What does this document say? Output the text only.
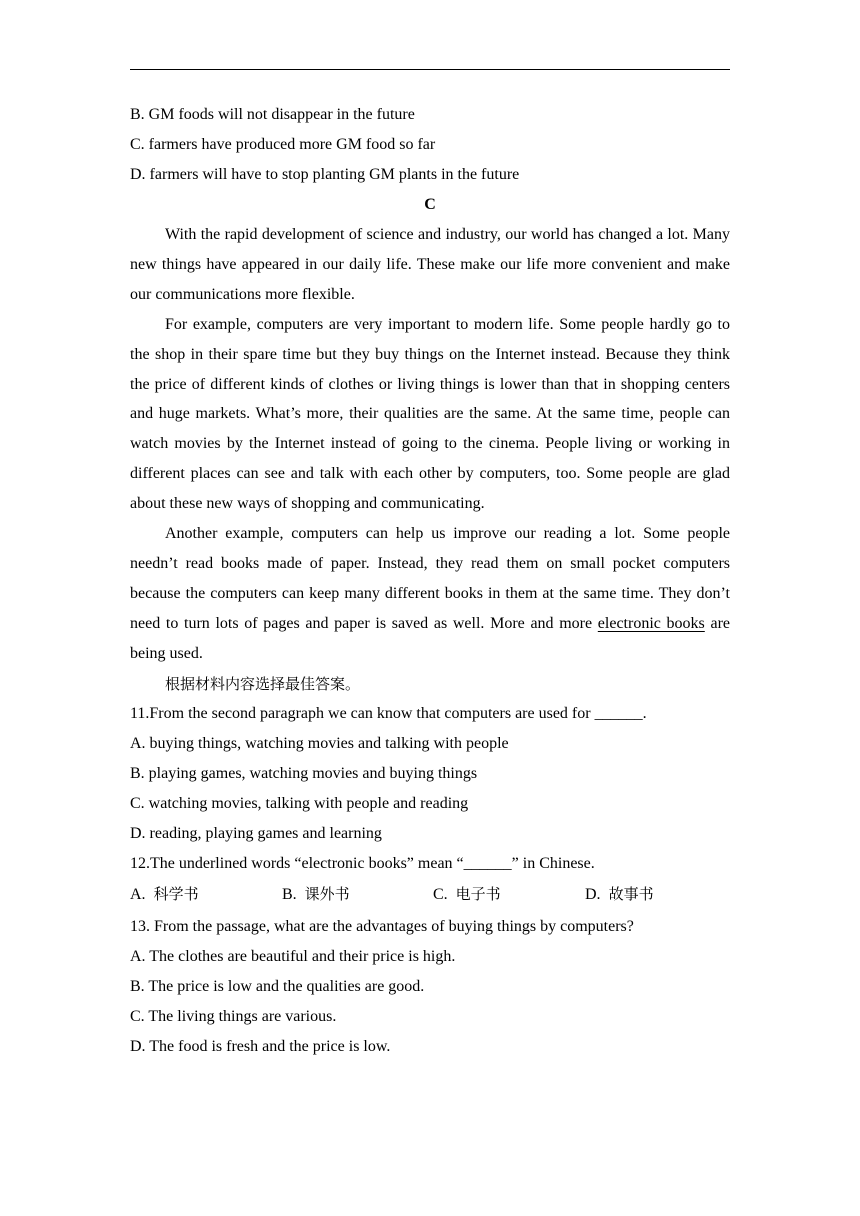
B. GM foods will not disappear in the future
C. farmers have produced more GM food so far
D. farmers will have to stop planting GM plants in the future
C

With the rapid development of science and industry, our world has changed a lot. Many new things have appeared in our daily life. These make our life more convenient and make our communications more flexible.

For example, computers are very important to modern life. Some people hardly go to the shop in their spare time but they buy things on the Internet instead. Because they think the price of different kinds of clothes or living things is lower than that in shopping centers and huge markets. What’s more, their qualities are the same. At the same time, people can watch movies by the Internet instead of going to the cinema. People living or working in different places can see and talk with each other by computers, too. Some people are glad about these new ways of shopping and communicating.

Another example, computers can help us improve our reading a lot. Some people needn’t read books made of paper. Instead, they read them on small pocket computers because the computers can keep many different books in them at the same time. They don’t need to turn lots of pages and paper is saved as well. More and more electronic books are being used.

根据材料内容选择最佳答案。
11.From the second paragraph we can know that computers are used for ______.
A. buying things, watching movies and talking with people
B. playing games, watching movies and buying things
C. watching movies, talking with people and reading
D. reading, playing games and learning
12.The underlined words “electronic books” mean “______” in Chinese.
A. 科学书	B. 课外书	C. 电子书	D. 故事书
13. From the passage, what are the advantages of buying things by computers?
A. The clothes are beautiful and their price is high.
B. The price is low and the qualities are good.
C. The living things are various.
D. The food is fresh and the price is low.
